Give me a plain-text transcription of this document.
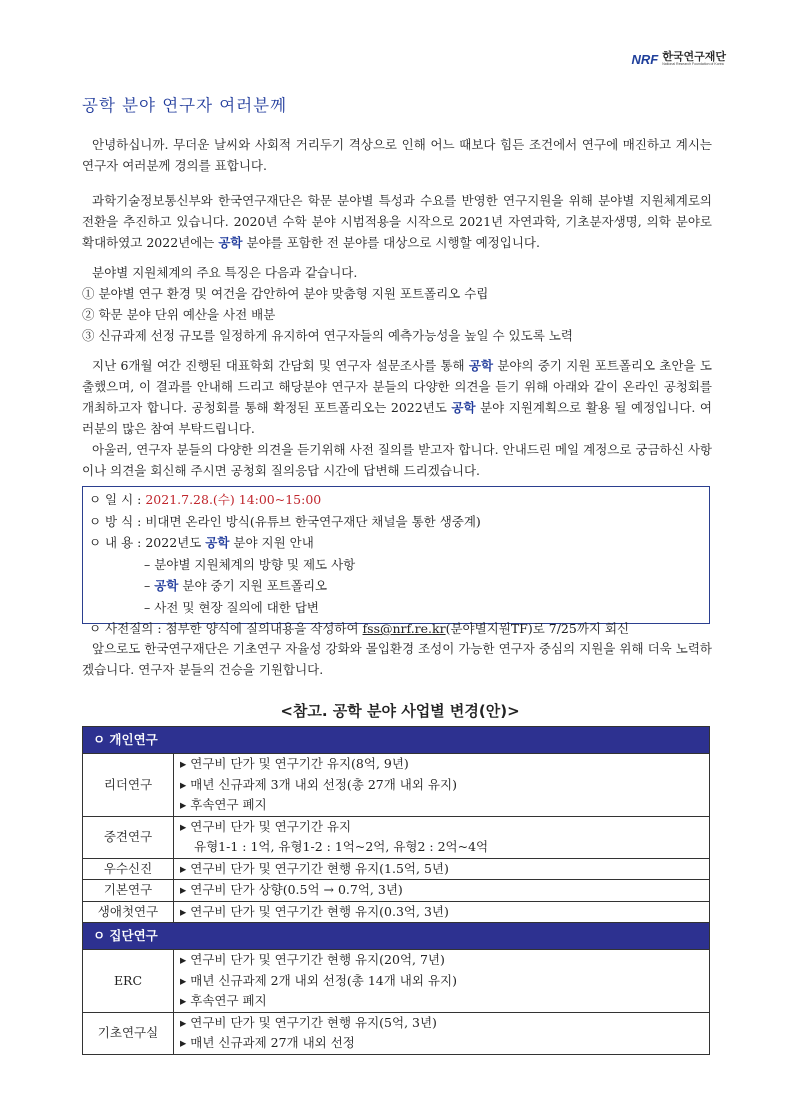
NRF 한국연구재단
National Research Foundation of Korea
공학 분야 연구자 여러분께

안녕하십니까. 무더운 날씨와 사회적 거리두기 격상으로 인해 어느 때보다 힘든 조건에서 연구에 매진하고 계시는 연구자 여러분께 경의를 표합니다.

과학기술정보통신부와 한국연구재단은 학문 분야별 특성과 수요를 반영한 연구지원을 위해 분야별 지원체계로의 전환을 추진하고 있습니다. 2020년 수학 분야 시범적용을 시작으로 2021년 자연과학, 기초분자생명, 의학 분야로 확대하였고 2022년에는 공학 분야를 포함한 전 분야를 대상으로 시행할 예정입니다.

분야별 지원체계의 주요 특징은 다음과 같습니다.

① 분야별 연구 환경 및 여건을 감안하여 분야 맞춤형 지원 포트폴리오 수립
② 학문 분야 단위 예산을 사전 배분
③ 신규과제 선정 규모를 일정하게 유지하여 연구자들의 예측가능성을 높일 수 있도록 노력

지난 6개월 여간 진행된 대표학회 간담회 및 연구자 설문조사를 통해 공학 분야의 중기 지원 포트폴리오 초안을 도출했으며, 이 결과를 안내해 드리고 해당분야 연구자 분들의 다양한 의견을 듣기 위해 아래와 같이 온라인 공청회를 개최하고자 합니다. 공청회를 통해 확정된 포트폴리오는 2022년도 공학 분야 지원계획으로 활용 될 예정입니다. 여러분의 많은 참여 부탁드립니다.

아울러, 연구자 분들의 다양한 의견을 듣기위해 사전 질의를 받고자 합니다. 안내드린 메일 계정으로 궁금하신 사항이나 의견을 회신해 주시면 공청회 질의응답 시간에 답변해 드리겠습니다.

ㅇ 일 시 : 2021.7.28.(수) 14:00~15:00
ㅇ 방 식 : 비대면 온라인 방식(유튜브 한국연구재단 채널을 통한 생중계)
ㅇ 내 용 : 2022년도 공학 분야 지원 안내
– 분야별 지원체계의 방향 및 제도 사항
– 공학 분야 중기 지원 포트폴리오
– 사전 및 현장 질의에 대한 답변
ㅇ 사전질의 : 첨부한 양식에 질의내용을 작성하여 fss@nrf.re.kr(분야별지원TF)로 7/25까지 회신

앞으로도 한국연구재단은 기초연구 자율성 강화와 몰입환경 조성이 가능한 연구자 중심의 지원을 위해 더욱 노력하겠습니다. 연구자 분들의 건승을 기원합니다.

<참고. 공학 분야 사업별 변경(안)>
ㅇ 개인연구	
리더연구	▸ 연구비 단가 및 연구기간 유지(8억, 9년)
▸ 매년 신규과제 3개 내외 선정(총 27개 내외 유지)
▸ 후속연구 폐지

중견연구	▸ 연구비 단가 및 연구기간 유지
유형1-1 : 1억, 유형1-2 : 1억~2억, 유형2 : 2억~4억

우수신진	▸ 연구비 단가 및 연구기간 현행 유지(1.5억, 5년)

기본연구	▸ 연구비 단가 상향(0.5억 → 0.7억, 3년)

생애첫연구	▸ 연구비 단가 및 연구기간 현행 유지(0.3억, 3년)

ㅇ 집단연구	
ERC	▸ 연구비 단가 및 연구기간 현행 유지(20억, 7년)
▸ 매년 신규과제 2개 내외 선정(총 14개 내외 유지)
▸ 후속연구 폐지

기초연구실	▸ 연구비 단가 및 연구기간 현행 유지(5억, 3년)
▸ 매년 신규과제 27개 내외 선정
